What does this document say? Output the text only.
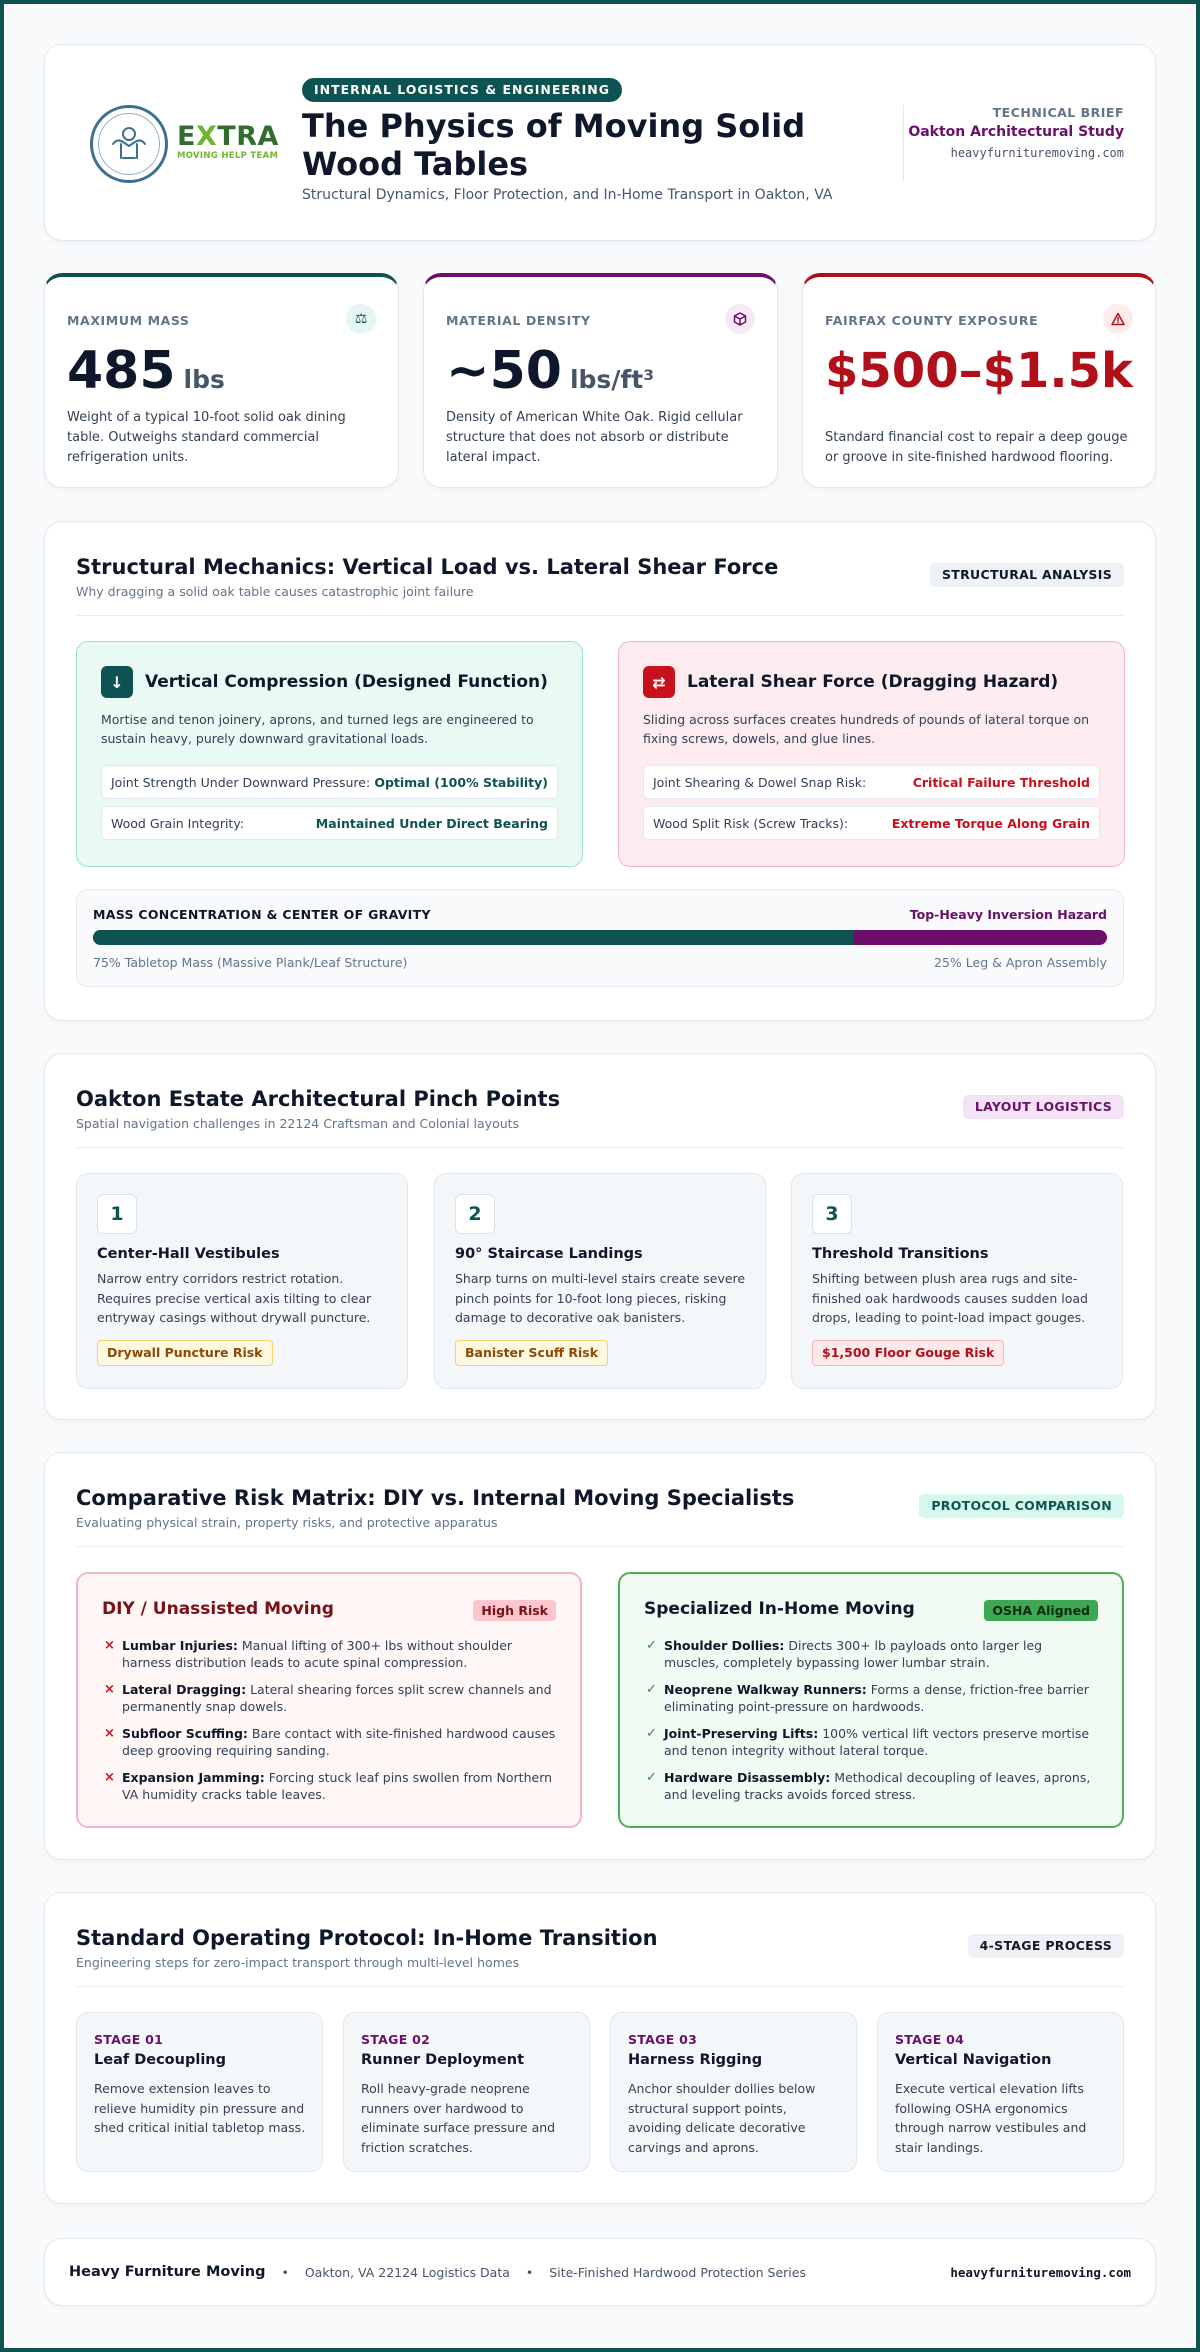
EXTRA
MOVING HELP TEAM
INTERNAL LOGISTICS & ENGINEERING
The Physics of Moving Solid Wood Tables
Structural Dynamics, Floor Protection, and In-Home Transport in Oakton, VA
TECHNICAL BRIEF
Oakton Architectural Study
heavyfurnituremoving.com
MAXIMUM MASS	⚖
485 lbs
Weight of a typical 10-foot solid oak dining table. Outweighs standard commercial refrigeration units.
MATERIAL DENSITY
~50 lbs/ft³
Density of American White Oak. Rigid cellular structure that does not absorb or distribute lateral impact.
FAIRFAX COUNTY EXPOSURE
$500–$1.5k
Standard financial cost to repair a deep gouge or groove in site-finished hardwood flooring.
Structural Mechanics: Vertical Load vs. Lateral Shear Force
Why dragging a solid oak table causes catastrophic joint failure
STRUCTURAL ANALYSIS
↓	Vertical Compression (Designed Function)
Mortise and tenon joinery, aprons, and turned legs are engineered to sustain heavy, purely downward gravitational loads.
Joint Strength Under Downward Pressure: Optimal (100% Stability)
Wood Grain Integrity:	Maintained Under Direct Bearing
⇄	Lateral Shear Force (Dragging Hazard)
Sliding across surfaces creates hundreds of pounds of lateral torque on fixing screws, dowels, and glue lines.
Joint Shearing & Dowel Snap Risk:	Critical Failure Threshold
Wood Split Risk (Screw Tracks):	Extreme Torque Along Grain
MASS CONCENTRATION & CENTER OF GRAVITY	Top-Heavy Inversion Hazard
75% Tabletop Mass (Massive Plank/Leaf Structure)	25% Leg & Apron Assembly
Oakton Estate Architectural Pinch Points
Spatial navigation challenges in 22124 Craftsman and Colonial layouts
LAYOUT LOGISTICS
1
Center-Hall Vestibules
Narrow entry corridors restrict rotation. Requires precise vertical axis tilting to clear entryway casings without drywall puncture.
Drywall Puncture Risk
2
90° Staircase Landings
Sharp turns on multi-level stairs create severe pinch points for 10-foot long pieces, risking damage to decorative oak banisters.
Banister Scuff Risk
3
Threshold Transitions
Shifting between plush area rugs and site-finished oak hardwoods causes sudden load drops, leading to point-load impact gouges.
$1,500 Floor Gouge Risk
Comparative Risk Matrix: DIY vs. Internal Moving Specialists
Evaluating physical strain, property risks, and protective apparatus
PROTOCOL COMPARISON
DIY / Unassisted Moving	High Risk
× Lumbar Injuries: Manual lifting of 300+ lbs without shoulder harness distribution leads to acute spinal compression.
× Lateral Dragging: Lateral shearing forces split screw channels and permanently snap dowels.
× Subfloor Scuffing: Bare contact with site-finished hardwood causes deep grooving requiring sanding.
× Expansion Jamming: Forcing stuck leaf pins swollen from Northern VA humidity cracks table leaves.
Specialized In-Home Moving	OSHA Aligned
✓ Shoulder Dollies: Directs 300+ lb payloads onto larger leg muscles, completely bypassing lower lumbar strain.
✓ Neoprene Walkway Runners: Forms a dense, friction-free barrier eliminating point-pressure on hardwoods.
✓ Joint-Preserving Lifts: 100% vertical lift vectors preserve mortise and tenon integrity without lateral torque.
✓ Hardware Disassembly: Methodical decoupling of leaves, aprons, and leveling tracks avoids forced stress.
Standard Operating Protocol: In-Home Transition
Engineering steps for zero-impact transport through multi-level homes
4-STAGE PROCESS
STAGE 01
Leaf Decoupling
Remove extension leaves to relieve humidity pin pressure and shed critical initial tabletop mass.
STAGE 02
Runner Deployment
Roll heavy-grade neoprene runners over hardwood to eliminate surface pressure and friction scratches.
STAGE 03
Harness Rigging
Anchor shoulder dollies below structural support points, avoiding delicate decorative carvings and aprons.
STAGE 04
Vertical Navigation
Execute vertical elevation lifts following OSHA ergonomics through narrow vestibules and stair landings.
Heavy Furniture Moving • Oakton, VA 22124 Logistics Data • Site-Finished Hardwood Protection Series	heavyfurnituremoving.com
